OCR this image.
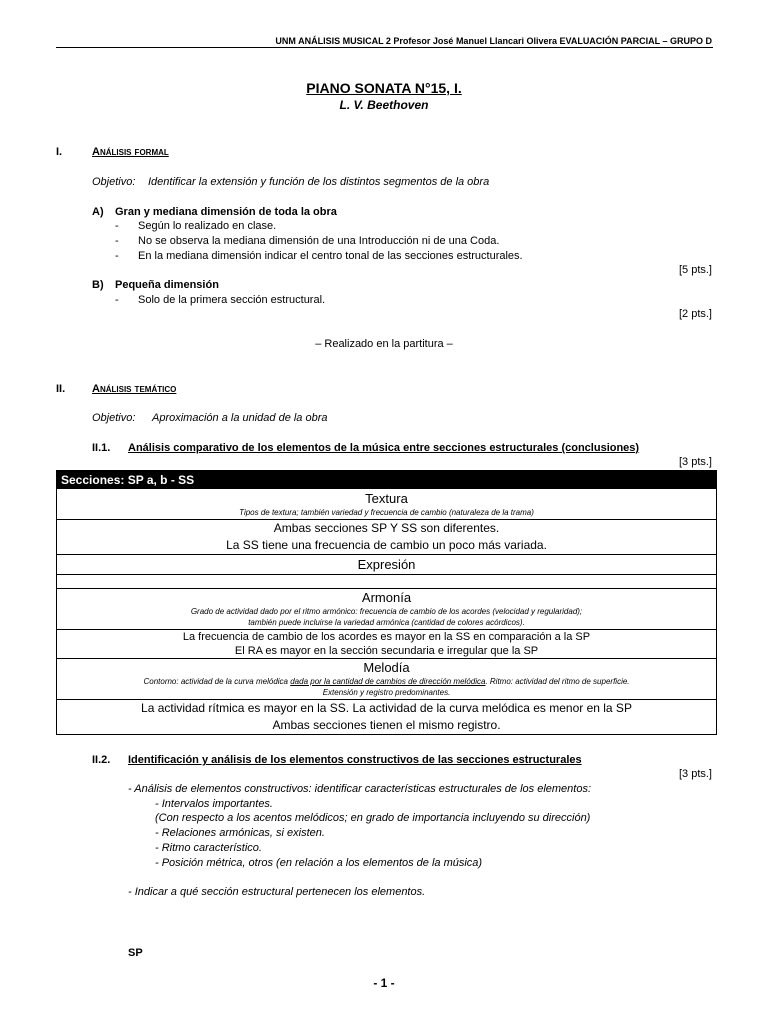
UNM ANÁLISIS MUSICAL 2 Profesor José Manuel Llancari Olivera EVALUACIÓN PARCIAL – GRUPO D
PIANO SONATA N°15, I.
L. V. Beethoven
I.	Análisis formal
Objetivo: Identificar la extensión y función de los distintos segmentos de la obra
A) Gran y mediana dimensión de toda la obra
- Según lo realizado en clase.
- No se observa la mediana dimensión de una Introducción ni de una Coda.
- En la mediana dimensión indicar el centro tonal de las secciones estructurales.
[5 pts.]
B) Pequeña dimensión
- Solo de la primera sección estructural.
[2 pts.]
– Realizado en la partitura –
II. Análisis temático
Objetivo: Aproximación a la unidad de la obra
II.1. Análisis comparativo de los elementos de la música entre secciones estructurales (conclusiones)
[3 pts.]
Secciones: SP a, b - SS

Textura
Tipos de textura; también variedad y frecuencia de cambio (naturaleza de la trama)

Ambas secciones SP Y SS son diferentes.
La SS tiene una frecuencia de cambio un poco más variada.

Expresión

Armonía
Grado de actividad dado por el ritmo armónico: frecuencia de cambio de los acordes (velocidad y regularidad);
también puede incluirse la variedad armónica (cantidad de colores acórdicos).

La frecuencia de cambio de los acordes es mayor en la SS en comparación a la SP
El RA es mayor en la sección secundaria e irregular que la SP

Melodía
Contorno: actividad de la curva melódica dada por la cantidad de cambios de dirección melódica. Ritmo: actividad del ritmo de superficie.
Extensión y registro predominantes.

La actividad rítmica es mayor en la SS. La actividad de la curva melódica es menor en la SP
Ambas secciones tienen el mismo registro.
II.2. Identificación y análisis de los elementos constructivos de las secciones estructurales
[3 pts.]
- Análisis de elementos constructivos: identificar características estructurales de los elementos:
- Intervalos importantes.
(Con respecto a los acentos melódicos; en grado de importancia incluyendo su dirección)
- Relaciones armónicas, si existen.
- Ritmo característico.
- Posición métrica, otros (en relación a los elementos de la música)
- Indicar a qué sección estructural pertenecen los elementos.
SP
- 1 -
